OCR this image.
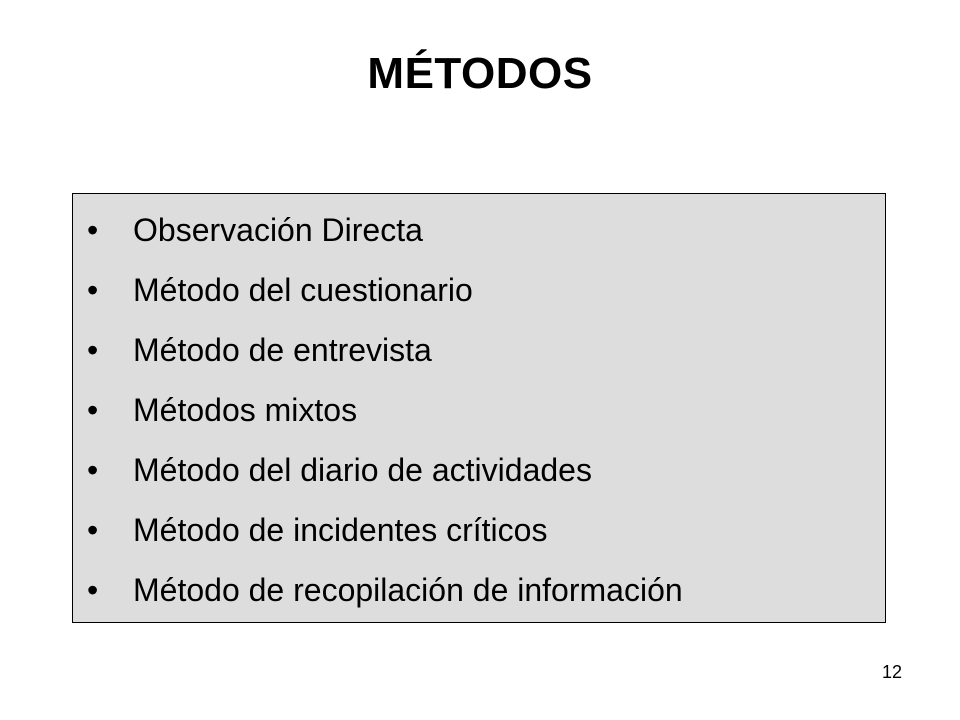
MÉTODOS
•	Observación Directa
•	Método del cuestionario
•	Método de entrevista
•	Métodos mixtos
•	Método del diario de actividades
•	Método de incidentes críticos
•	Método de recopilación de información
12
